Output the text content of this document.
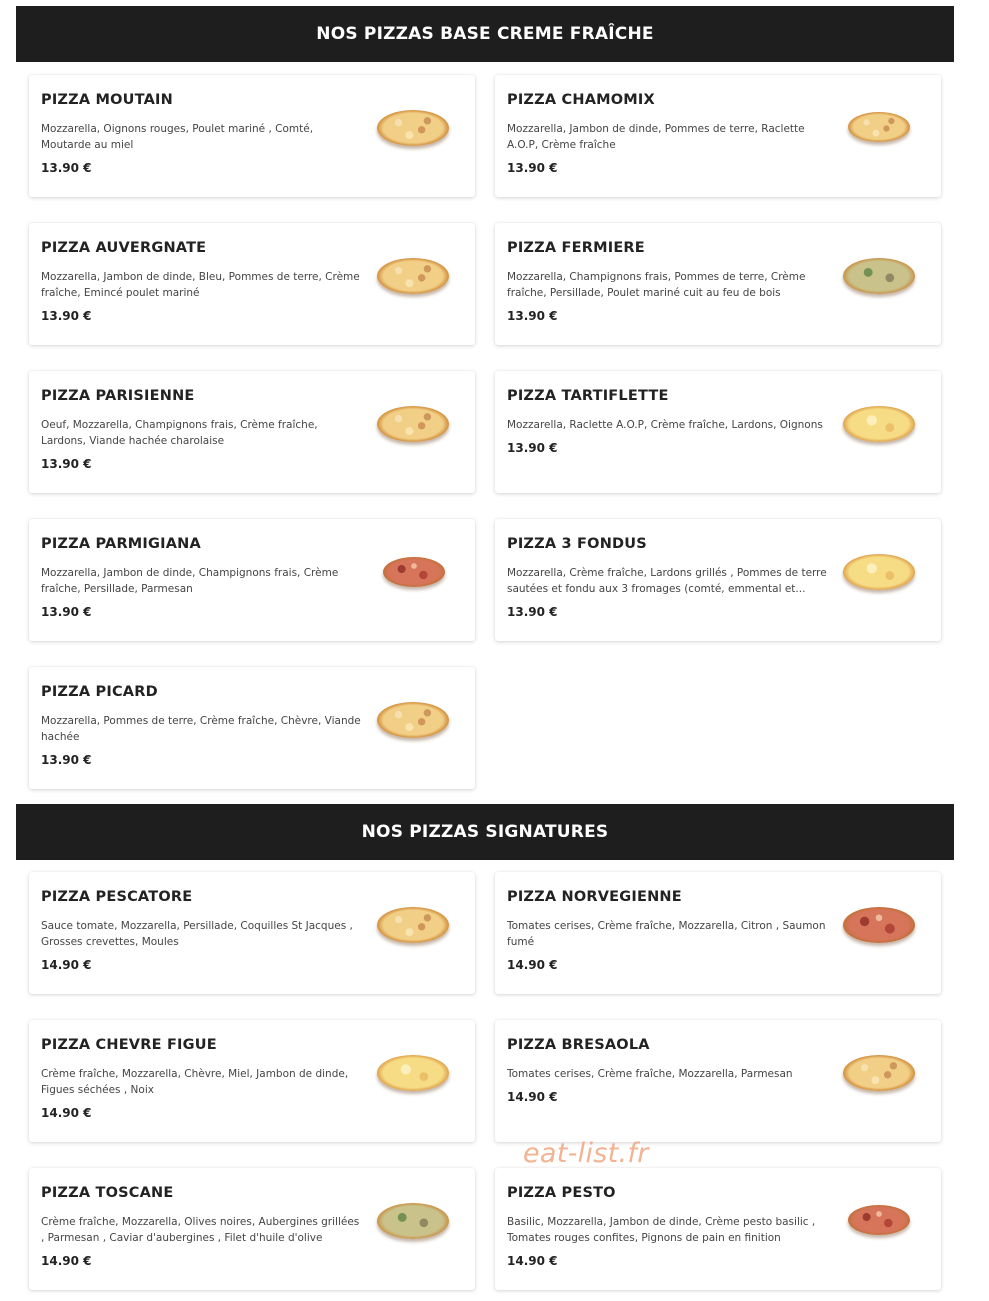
NOS PIZZAS BASE CREME FRAÎCHE
PIZZA MOUTAIN
Mozzarella, Oignons rouges, Poulet mariné , Comté, Moutarde au miel
13.90 €
PIZZA CHAMOMIX
Mozzarella, Jambon de dinde, Pommes de terre, Raclette A.O.P, Crème fraîche
13.90 €
PIZZA AUVERGNATE
Mozzarella, Jambon de dinde, Bleu, Pommes de terre, Crème fraîche, Emincé poulet mariné
13.90 €
PIZZA FERMIERE
Mozzarella, Champignons frais, Pommes de terre, Crème fraîche, Persillade, Poulet mariné cuit au feu de bois
13.90 €
PIZZA PARISIENNE
Oeuf, Mozzarella, Champignons frais, Crème fraîche, Lardons, Viande hachée charolaise
13.90 €
PIZZA TARTIFLETTE
Mozzarella, Raclette A.O.P, Crème fraîche, Lardons, Oignons
13.90 €
PIZZA PARMIGIANA
Mozzarella, Jambon de dinde, Champignons frais, Crème fraîche, Persillade, Parmesan
13.90 €
PIZZA 3 FONDUS
Mozzarella, Crème fraîche, Lardons grillés , Pommes de terre sautées et fondu aux 3 fromages (comté, emmental et...
13.90 €
PIZZA PICARD
Mozzarella, Pommes de terre, Crème fraîche, Chèvre, Viande hachée
13.90 €
NOS PIZZAS SIGNATURES
PIZZA PESCATORE
Sauce tomate, Mozzarella, Persillade, Coquilles St Jacques , Grosses crevettes, Moules
14.90 €
PIZZA NORVEGIENNE
Tomates cerises, Crème fraîche, Mozzarella, Citron , Saumon fumé
14.90 €
PIZZA CHEVRE FIGUE
Crème fraîche, Mozzarella, Chèvre, Miel, Jambon de dinde, Figues séchées , Noix
14.90 €
PIZZA BRESAOLA
Tomates cerises, Crème fraîche, Mozzarella, Parmesan
14.90 €
PIZZA TOSCANE
Crème fraîche, Mozzarella, Olives noires, Aubergines grillées , Parmesan , Caviar d'aubergines , Filet d'huile d'olive
14.90 €
PIZZA PESTO
Basilic, Mozzarella, Jambon de dinde, Crème pesto basilic , Tomates rouges confites, Pignons de pain en finition
14.90 €
eat-list.fr
